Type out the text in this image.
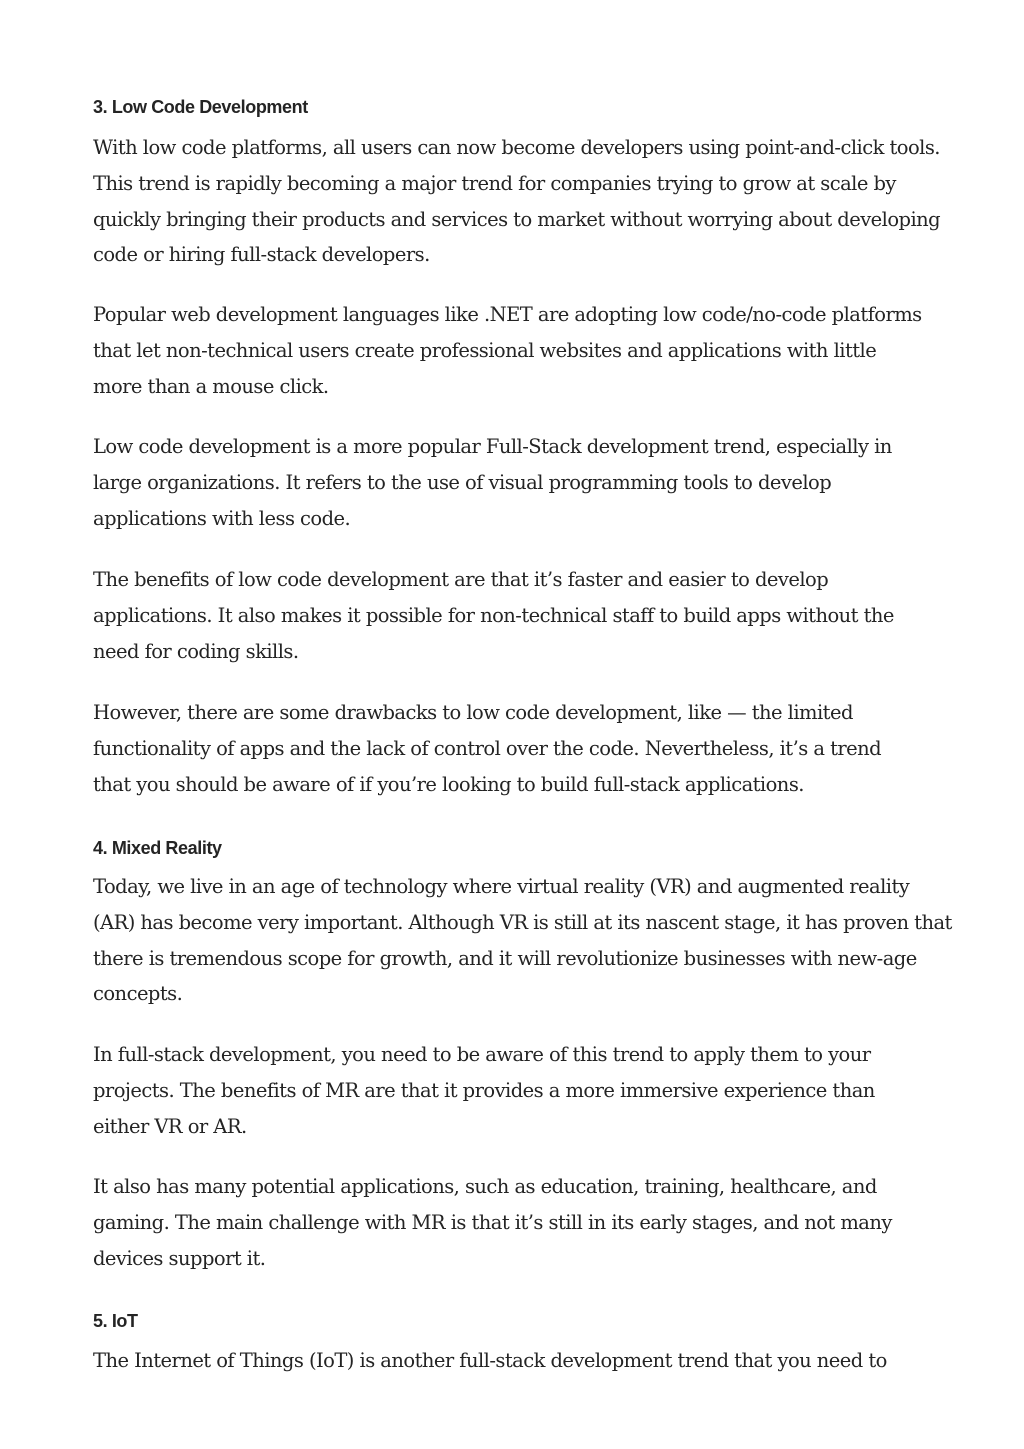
3. Low Code Development

With low code platforms, all users can now become developers using point-and-click tools. This trend is rapidly becoming a major trend for companies trying to grow at scale by quickly bringing their products and services to market without worrying about developing code or hiring full-stack developers.

Popular web development languages like .NET are adopting low code/no-code platforms that let non-technical users create professional websites and applications with little more than a mouse click.

Low code development is a more popular Full-Stack development trend, especially in large organizations. It refers to the use of visual programming tools to develop applications with less code.

The benefits of low code development are that it’s faster and easier to develop applications. It also makes it possible for non-technical staff to build apps without the need for coding skills.

However, there are some drawbacks to low code development, like — the limited functionality of apps and the lack of control over the code. Nevertheless, it’s a trend that you should be aware of if you’re looking to build full-stack applications.

4. Mixed Reality

Today, we live in an age of technology where virtual reality (VR) and augmented reality (AR) has become very important. Although VR is still at its nascent stage, it has proven that there is tremendous scope for growth, and it will revolutionize businesses with new-age concepts.

In full-stack development, you need to be aware of this trend to apply them to your projects. The benefits of MR are that it provides a more immersive experience than either VR or AR.

It also has many potential applications, such as education, training, healthcare, and gaming. The main challenge with MR is that it’s still in its early stages, and not many devices support it.

5. IoT

The Internet of Things (IoT) is another full-stack development trend that you need to
